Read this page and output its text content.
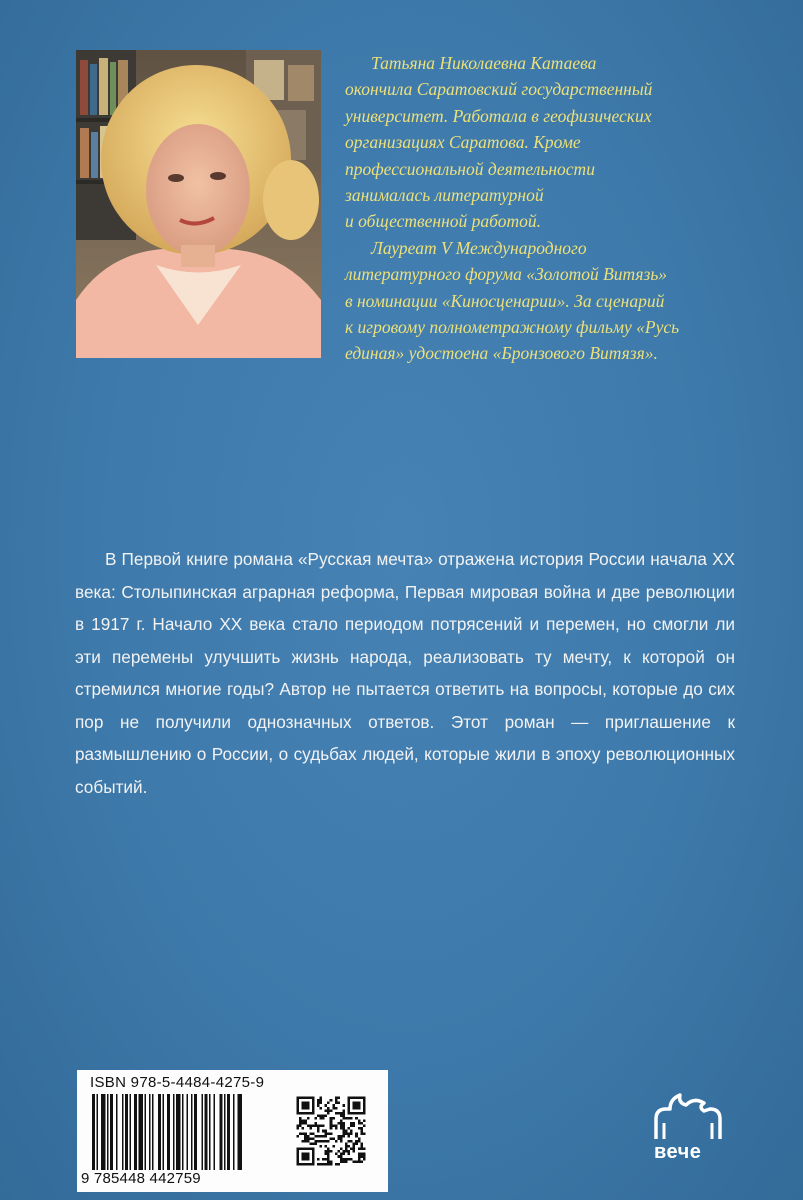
Татьяна Николаевна Катаева
окончила Саратовский государственный
университет. Работала в геофизических
организациях Саратова. Кроме
профессиональной деятельности
занималась литературной
и общественной работой.

Лауреат V Международного
литературного форума «Золотой Витязь»
в номинации «Киносценарии». За сценарий
к игровому полнометражному фильму «Русь
единая» удостоена «Бронзового Витязя».

В Первой книге романа «Русская мечта» отражена история России начала XX века: Столыпинская аграрная реформа, Первая мировая война и две революции в 1917 г. Начало XX века стало периодом потрясений и перемен, но смогли ли эти перемены улучшить жизнь народа, реализовать ту мечту, к которой он стремился многие годы? Автор не пытается ответить на вопросы, которые до сих пор не получили однозначных ответов. Этот роман — приглашение к размышлению о России, о судьбах людей, которые жили в эпоху революционных событий.

ISBN 978-5-4484-4275-9
9 785448 442759
вече
